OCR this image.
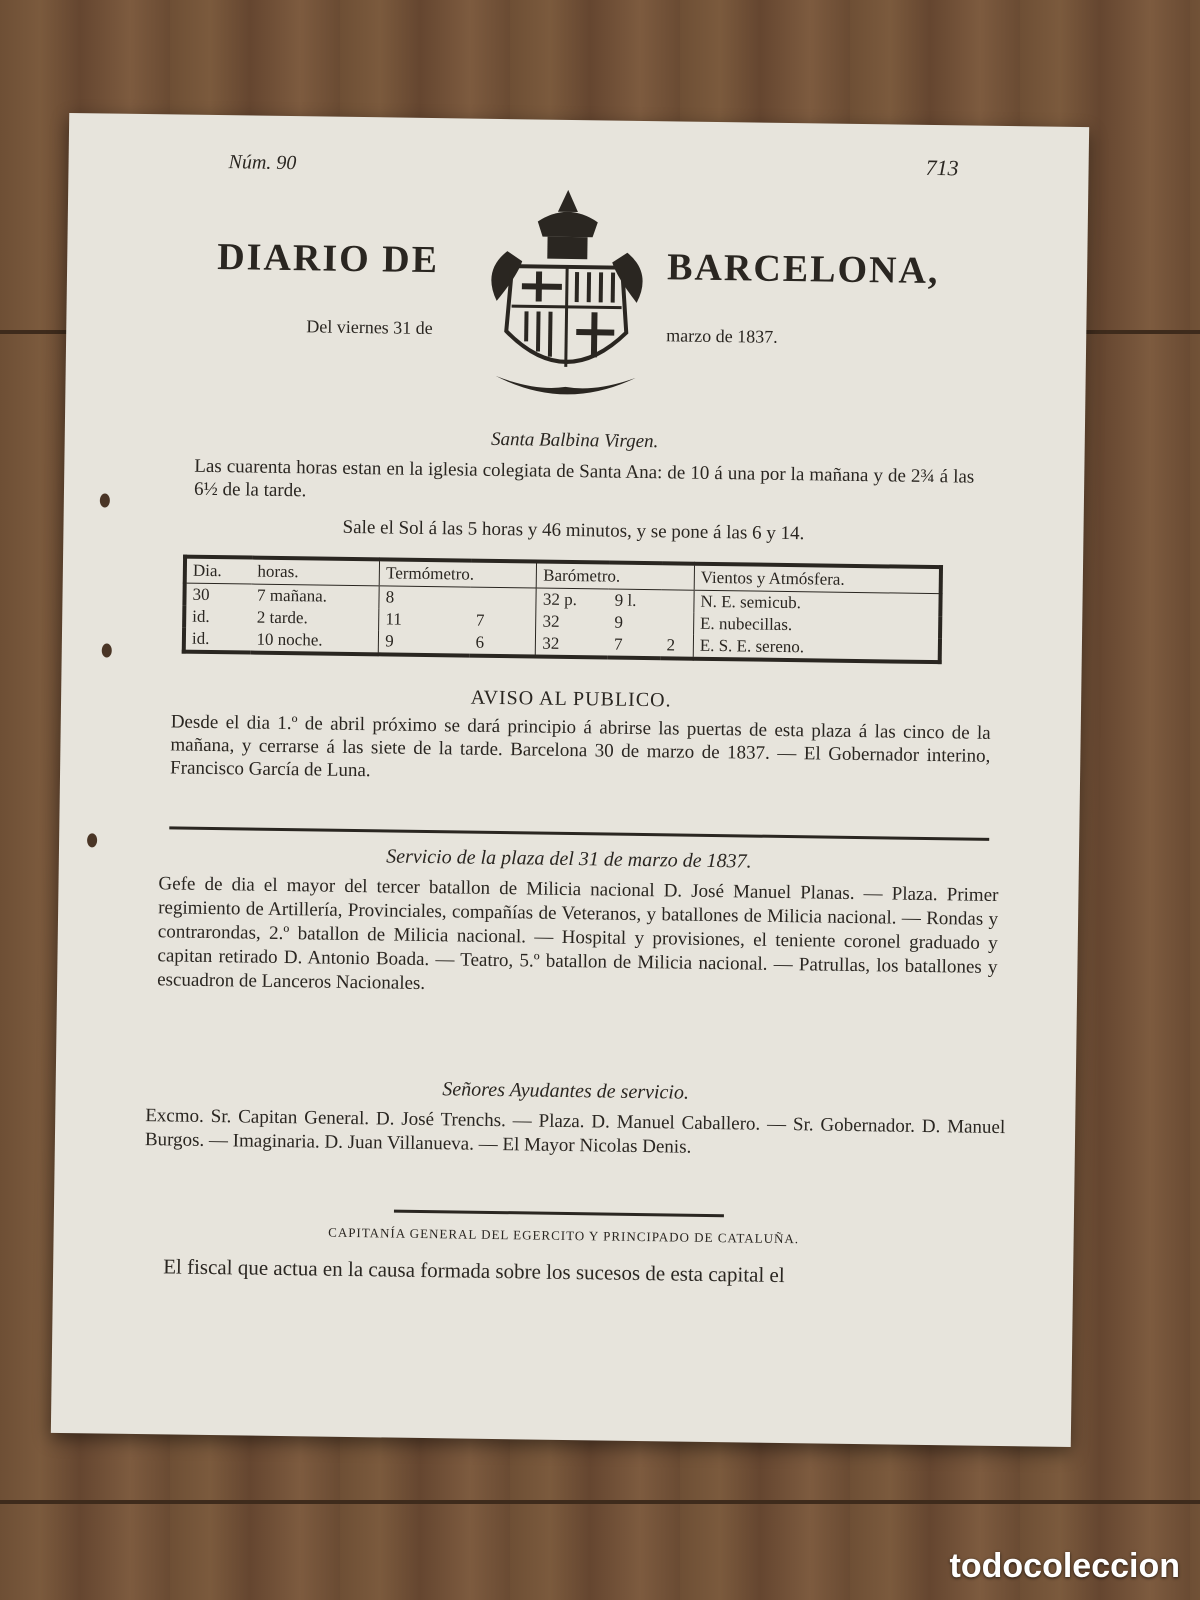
Núm. 90	713
DIARIO DE	BARCELONA,
Del viernes 31 de	marzo de 1837.
Santa Balbina Virgen.
Las cuarenta horas estan en la iglesia colegiata de Santa Ana: de 10 á una por la mañana y de 2¾ á las 6½ de la tarde.
Sale el Sol á las 5 horas y 46 minutos, y se pone á las 6 y 14.
Dia.	horas.	Termómetro.		Barómetro.			Vientos y Atmósfera.
30	7 mañana.	8		32 p.	9 l.		N. E. semicub.
id.	2 tarde.	11	7	32	9		E. nubecillas.
id.	10 noche.	9	6	32	7	2	E. S. E. sereno.
AVISO AL PUBLICO.
Desde el dia 1.º de abril próximo se dará principio á abrirse las puertas de esta plaza á las cinco de la mañana, y cerrarse á las siete de la tarde. Barcelona 30 de marzo de 1837. — El Gobernador interino, Francisco García de Luna.
Servicio de la plaza del 31 de marzo de 1837.
Gefe de dia el mayor del tercer batallon de Milicia nacional D. José Manuel Planas. — Plaza. Primer regimiento de Artillería, Provinciales, compañías de Veteranos, y batallones de Milicia nacional. — Rondas y contrarondas, 2.º batallon de Milicia nacional. — Hospital y provisiones, el teniente coronel graduado y capitan retirado D. Antonio Boada. — Teatro, 5.º batallon de Milicia nacional. — Patrullas, los batallones y escuadron de Lanceros Nacionales.
Señores Ayudantes de servicio.
Excmo. Sr. Capitan General. D. José Trenchs. — Plaza. D. Manuel Caballero. — Sr. Gobernador. D. Manuel Burgos. — Imaginaria. D. Juan Villanueva. — El Mayor Nicolas Denis.
CAPITANÍA GENERAL DEL EGERCITO Y PRINCIPADO DE CATALUÑA.
El fiscal que actua en la causa formada sobre los sucesos de esta capital el
todocoleccion
